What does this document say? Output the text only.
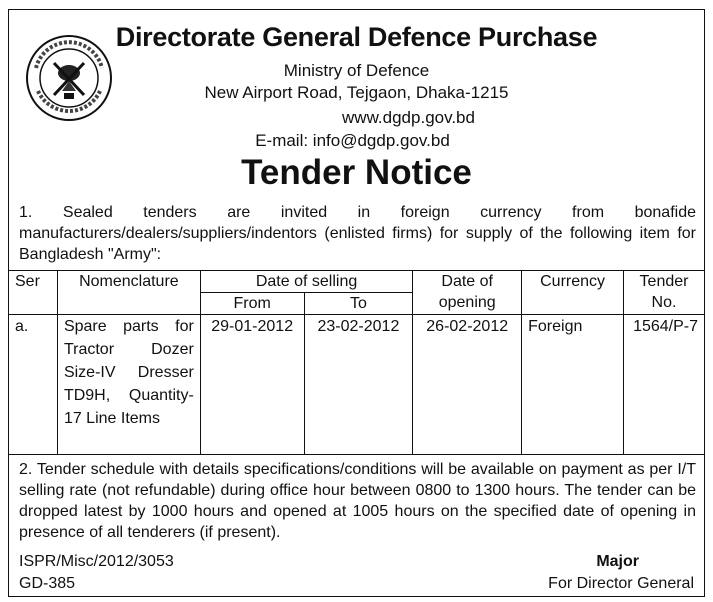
Directorate General Defence Purchase
Ministry of Defence
New Airport Road, Tejgaon, Dhaka-1215
www.dgdp.gov.bd
E-mail: info@dgdp.gov.bd
Tender Notice
1. Sealed tenders are invited in foreign currency from bonafide manufacturers/dealers/suppliers/indentors (enlisted firms) for supply of the following item for Bangladesh "Army":
Ser	Nomenclature	Date of selling		Date of opening	Currency	Tender No.
		From	To			
a.	Spare parts for Tractor Dozer Size-IV Dresser TD9H, Quantity-17 Line Items	29-01-2012	23-02-2012	26-02-2012	Foreign	1564/P-7
2. Tender schedule with details specifications/conditions will be available on payment as per I/T selling rate (not refundable) during office hour between 0800 to 1300 hours. The tender can be dropped latest by 1000 hours and opened at 1005 hours on the specified date of opening in presence of all tenderers (if present).
ISPR/Misc/2012/3053
GD-385
Major
For Director General
